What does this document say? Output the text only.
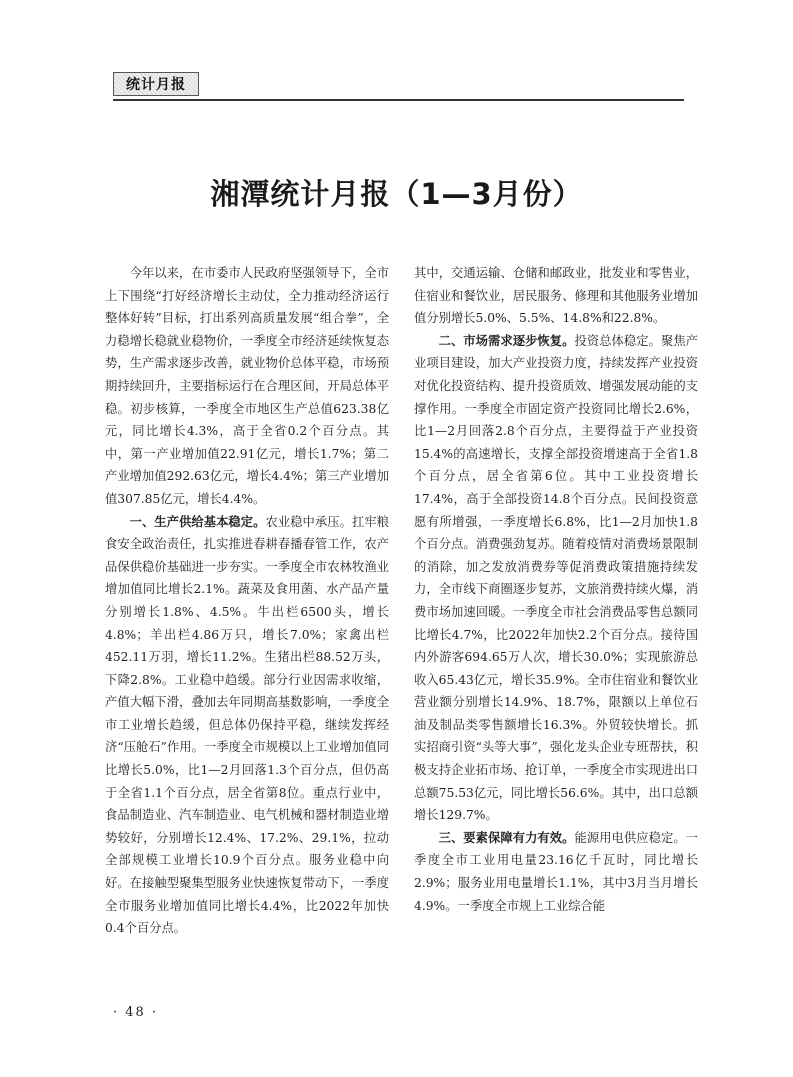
统计月报
湘潭统计月报（1—3月份）

今年以来，在市委市人民政府坚强领导下，全市上下围绕“打好经济增长主动仗，全力推动经济运行整体好转”目标，打出系列高质量发展“组合拳”，全力稳增长稳就业稳物价，一季度全市经济延续恢复态势，生产需求逐步改善，就业物价总体平稳，市场预期持续回升，主要指标运行在合理区间，开局总体平稳。初步核算，一季度全市地区生产总值623.38亿元，同比增长4.3%，高于全省0.2个百分点。其中，第一产业增加值22.91亿元，增长1.7%；第二产业增加值292.63亿元，增长4.4%；第三产业增加值307.85亿元，增长4.4%。

一、生产供给基本稳定。农业稳中承压。扛牢粮食安全政治责任，扎实推进春耕春播春管工作，农产品保供稳价基础进一步夯实。一季度全市农林牧渔业增加值同比增长2.1%。蔬菜及食用菌、水产品产量分别增长1.8%、4.5%。牛出栏6500头，增长4.8%；羊出栏4.86万只，增长7.0%；家禽出栏452.11万羽，增长11.2%。生猪出栏88.52万头，下降2.8%。工业稳中趋缓。部分行业因需求收缩，产值大幅下滑，叠加去年同期高基数影响，一季度全市工业增长趋缓，但总体仍保持平稳，继续发挥经济“压舱石”作用。一季度全市规模以上工业增加值同比增长5.0%，比1—2月回落1.3个百分点，但仍高于全省1.1个百分点，居全省第8位。重点行业中，食品制造业、汽车制造业、电气机械和器材制造业增势较好，分别增长12.4%、17.2%、29.1%，拉动全部规模工业增长10.9个百分点。服务业稳中向好。在接触型聚集型服务业快速恢复带动下，一季度全市服务业增加值同比增长4.4%，比2022年加快0.4个百分点。

其中，交通运输、仓储和邮政业，批发业和零售业，住宿业和餐饮业，居民服务、修理和其他服务业增加值分别增长5.0%、5.5%、14.8%和22.8%。

二、市场需求逐步恢复。投资总体稳定。聚焦产业项目建设，加大产业投资力度，持续发挥产业投资对优化投资结构、提升投资质效、增强发展动能的支撑作用。一季度全市固定资产投资同比增长2.6%，比1—2月回落2.8个百分点，主要得益于产业投资15.4%的高速增长，支撑全部投资增速高于全省1.8个百分点，居全省第6位。其中工业投资增长17.4%，高于全部投资14.8个百分点。民间投资意愿有所增强，一季度增长6.8%，比1—2月加快1.8个百分点。消费强劲复苏。随着疫情对消费场景限制的消除，加之发放消费券等促消费政策措施持续发力，全市线下商圈逐步复苏，文旅消费持续火爆，消费市场加速回暖。一季度全市社会消费品零售总额同比增长4.7%，比2022年加快2.2个百分点。接待国内外游客694.65万人次，增长30.0%；实现旅游总收入65.43亿元，增长35.9%。全市住宿业和餐饮业营业额分别增长14.9%、18.7%，限额以上单位石油及制品类零售额增长16.3%。外贸较快增长。抓实招商引资“头等大事”，强化龙头企业专班帮扶，积极支持企业拓市场、抢订单，一季度全市实现进出口总额75.53亿元，同比增长56.6%。其中，出口总额增长129.7%。

三、要素保障有力有效。能源用电供应稳定。一季度全市工业用电量23.16亿千瓦时，同比增长2.9%；服务业用电量增长1.1%，其中3月当月增长4.9%。一季度全市规上工业综合能

· 48 ·
